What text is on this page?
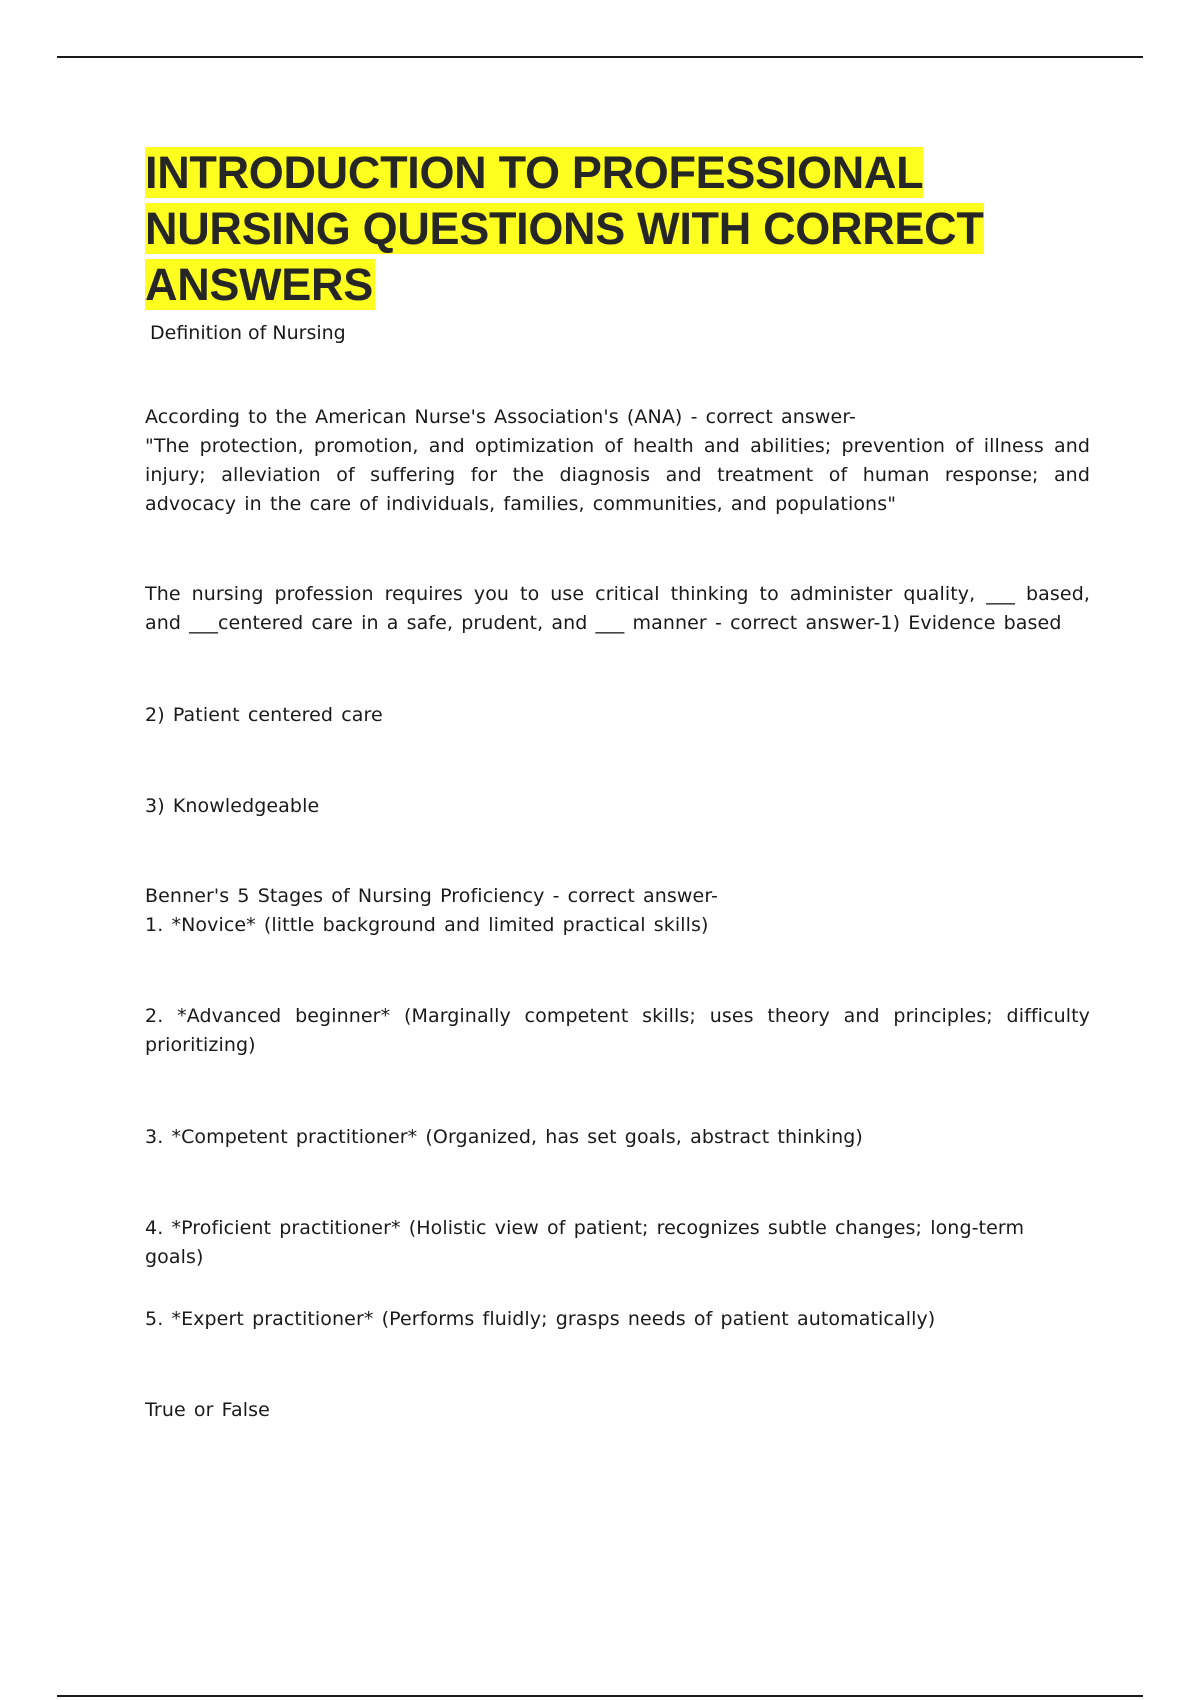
INTRODUCTION TO PROFESSIONAL NURSING QUESTIONS WITH CORRECT ANSWERS
Definition of Nursing

According to the American Nurse's Association's (ANA) - correct answer-

"The protection, promotion, and optimization of health and abilities; prevention of illness and injury; alleviation of suffering for the diagnosis and treatment of human response; and advocacy in the care of individuals, families, communities, and populations"

The nursing profession requires you to use critical thinking to administer quality, ___ based, and ___centered care in a safe, prudent, and ___ manner - correct answer-1) Evidence based

2) Patient centered care

3) Knowledgeable

Benner's 5 Stages of Nursing Proficiency - correct answer-

1. *Novice* (little background and limited practical skills)

2. *Advanced beginner* (Marginally competent skills; uses theory and principles; difficulty prioritizing)

3. *Competent practitioner* (Organized, has set goals, abstract thinking)

4. *Proficient practitioner* (Holistic view of patient; recognizes subtle changes; long-term goals)

5. *Expert practitioner* (Performs fluidly; grasps needs of patient automatically)

True or False
